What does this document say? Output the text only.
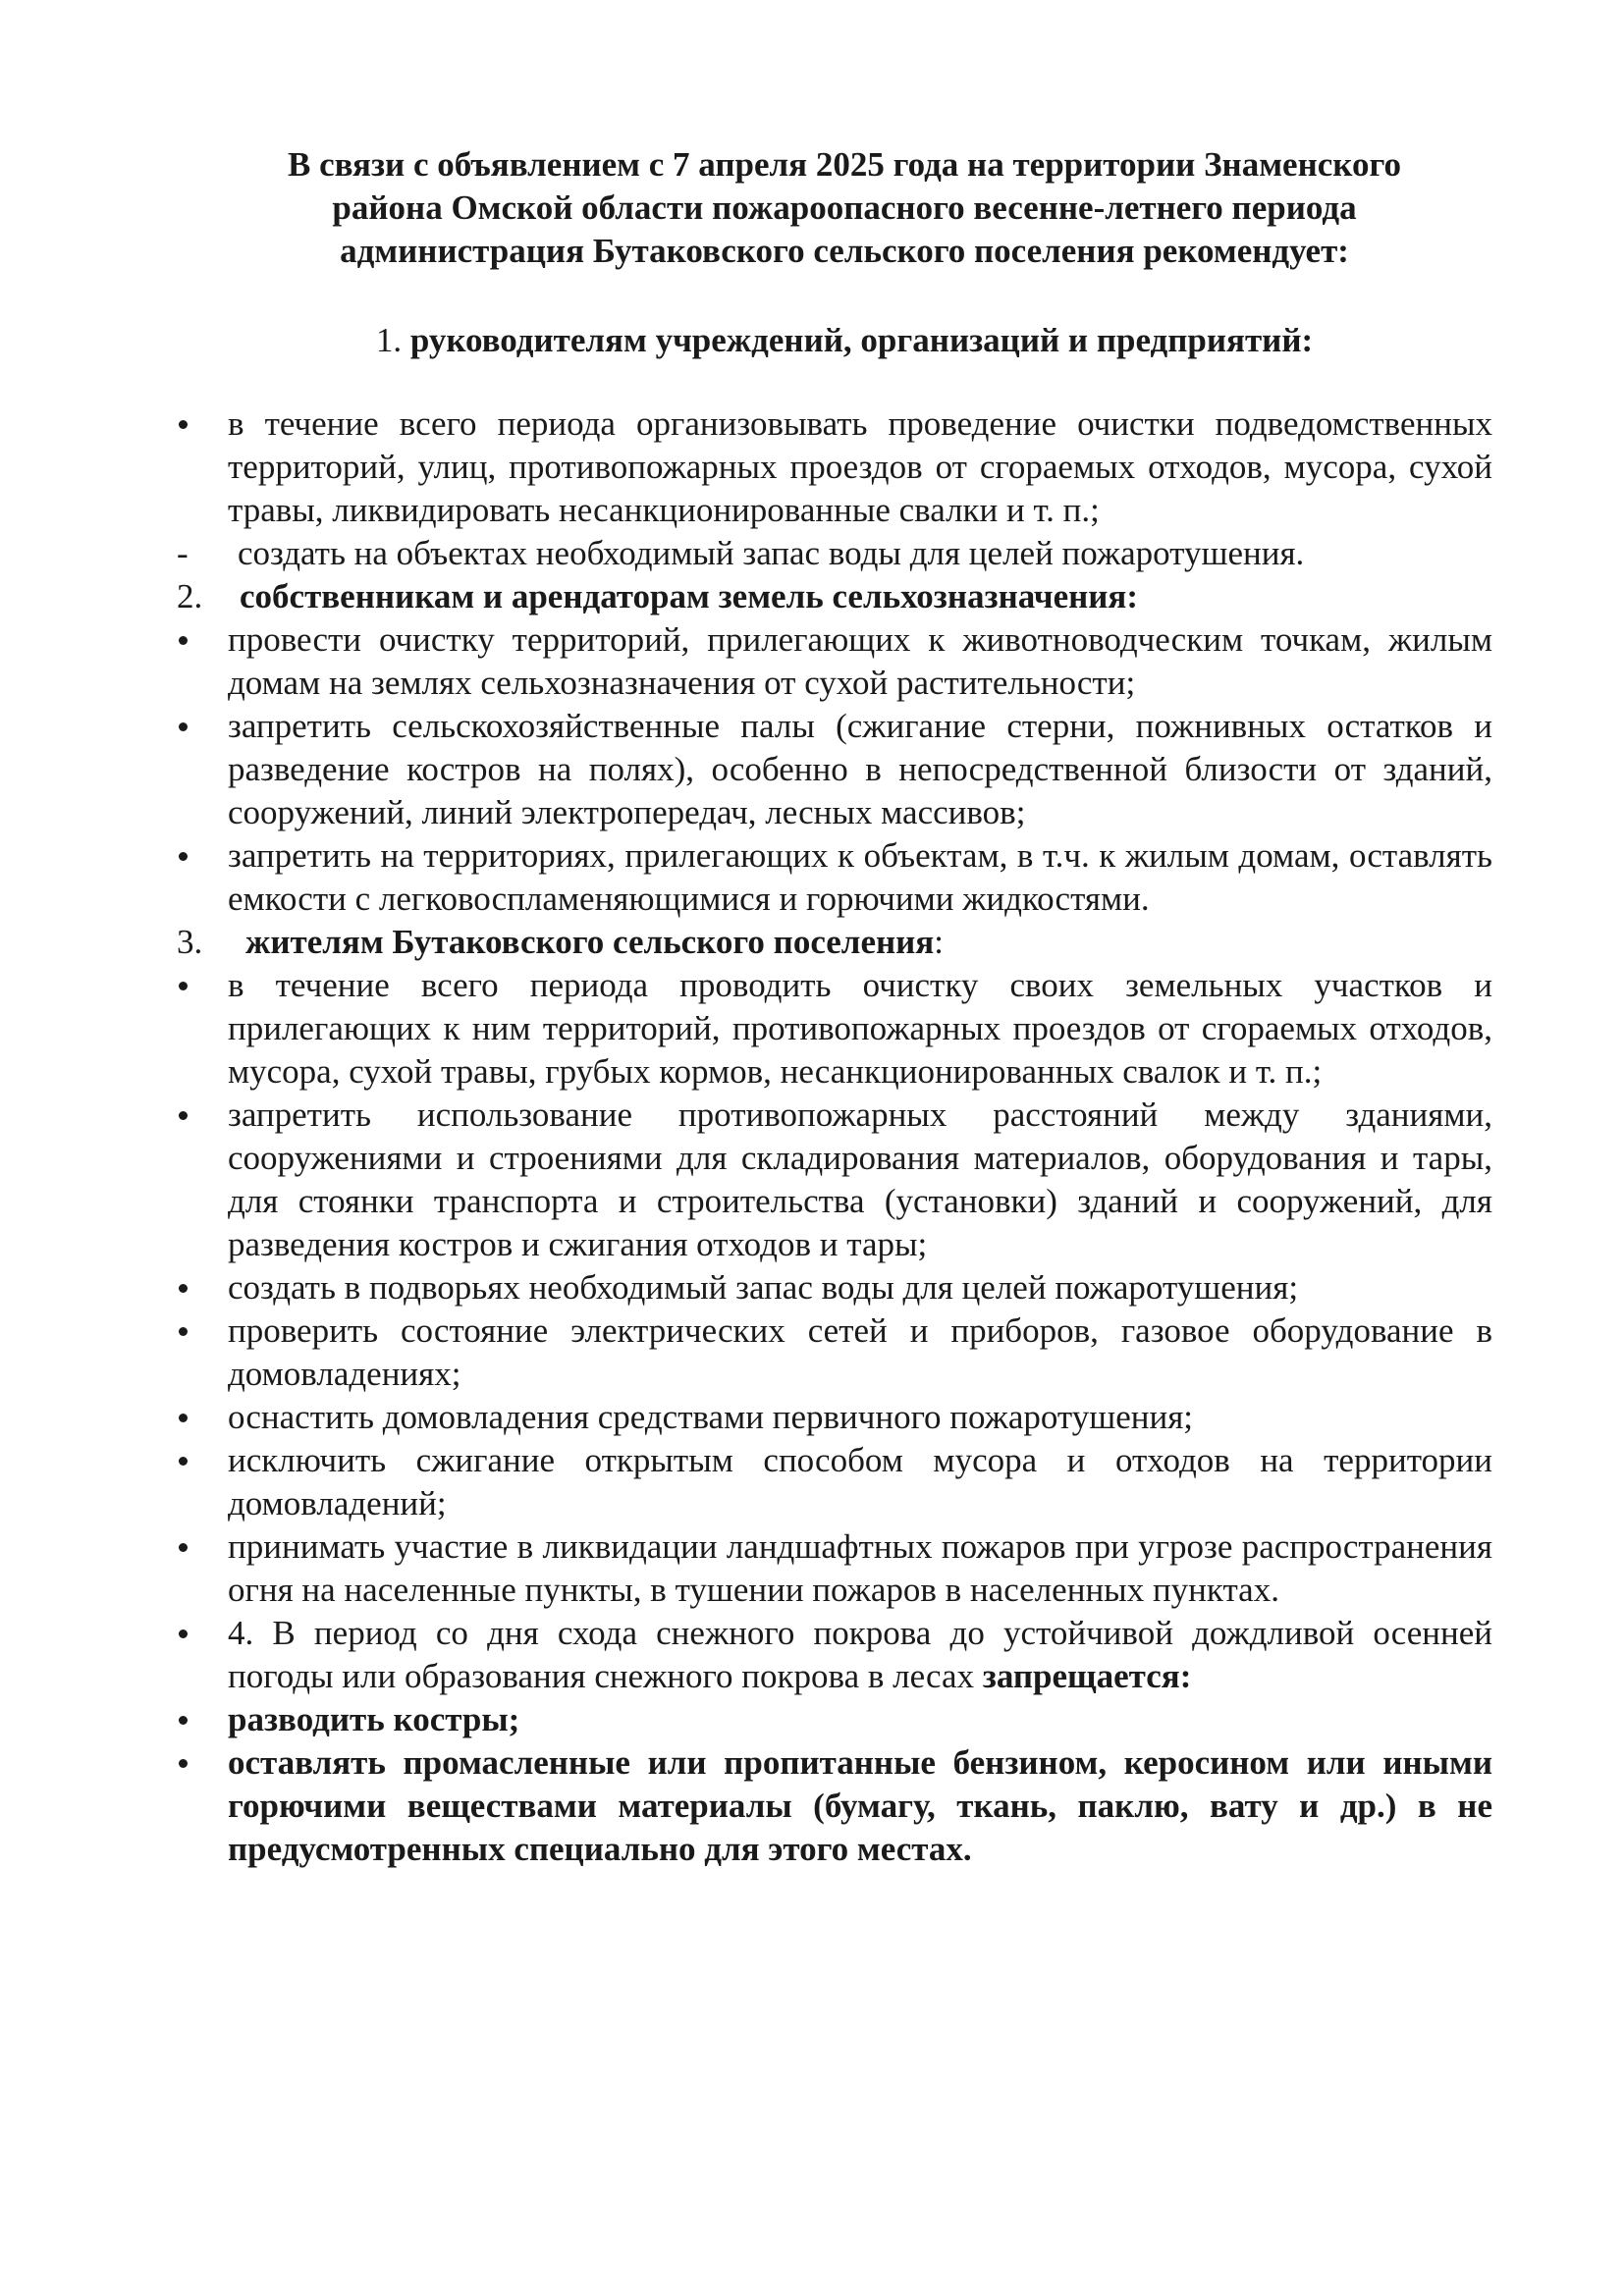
В связи с объявлением с 7 апреля 2025 года на территории Знаменского
района Омской области пожароопасного весенне-летнего периода
администрация Бутаковского сельского поселения рекомендует:
1. руководителям учреждений, организаций и предприятий:
в течение всего периода организовывать проведение очистки подведомственных территорий, улиц, противопожарных проездов от сгораемых отходов, мусора, сухой травы, ликвидировать несанкционированные свалки и т. п.;
-	создать на объектах необходимый запас воды для целей пожаротушения.
2.	собственникам и арендаторам земель сельхозназначения:
провести очистку территорий, прилегающих к животноводческим точкам, жилым домам на землях сельхозназначения от сухой растительности;
запретить сельскохозяйственные палы (сжигание стерни, пожнивных остатков и разведение костров на полях), особенно в непосредственной близости от зданий, сооружений, линий электропередач, лесных массивов;
запретить на территориях, прилегающих к объектам, в т.ч. к жилым домам, оставлять емкости с легковоспламеняющимися и горючими жидкостями.
3.	жителям Бутаковского сельского поселения:
в течение всего периода проводить очистку своих земельных участков и прилегающих к ним территорий, противопожарных проездов от сгораемых отходов, мусора, сухой травы, грубых кормов, несанкционированных свалок и т. п.;
запретить использование противопожарных расстояний между зданиями, сооружениями и строениями для складирования материалов, оборудования и тары, для стоянки транспорта и строительства (установки) зданий и сооружений, для разведения костров и сжигания отходов и тары;
создать в подворьях необходимый запас воды для целей пожаротушения;
проверить состояние электрических сетей и приборов, газовое оборудование в домовладениях;
оснастить домовладения средствами первичного пожаротушения;
исключить сжигание открытым способом мусора и отходов на территории домовладений;
принимать участие в ликвидации ландшафтных пожаров при угрозе распространения огня на населенные пункты, в тушении пожаров в населенных пунктах.
4. В период со дня схода снежного покрова до устойчивой дождливой осенней погоды или образования снежного покрова в лесах запрещается:
разводить костры;
оставлять промасленные или пропитанные бензином, керосином или иными горючими веществами материалы (бумагу, ткань, паклю, вату и др.) в не предусмотренных специально для этого местах.
